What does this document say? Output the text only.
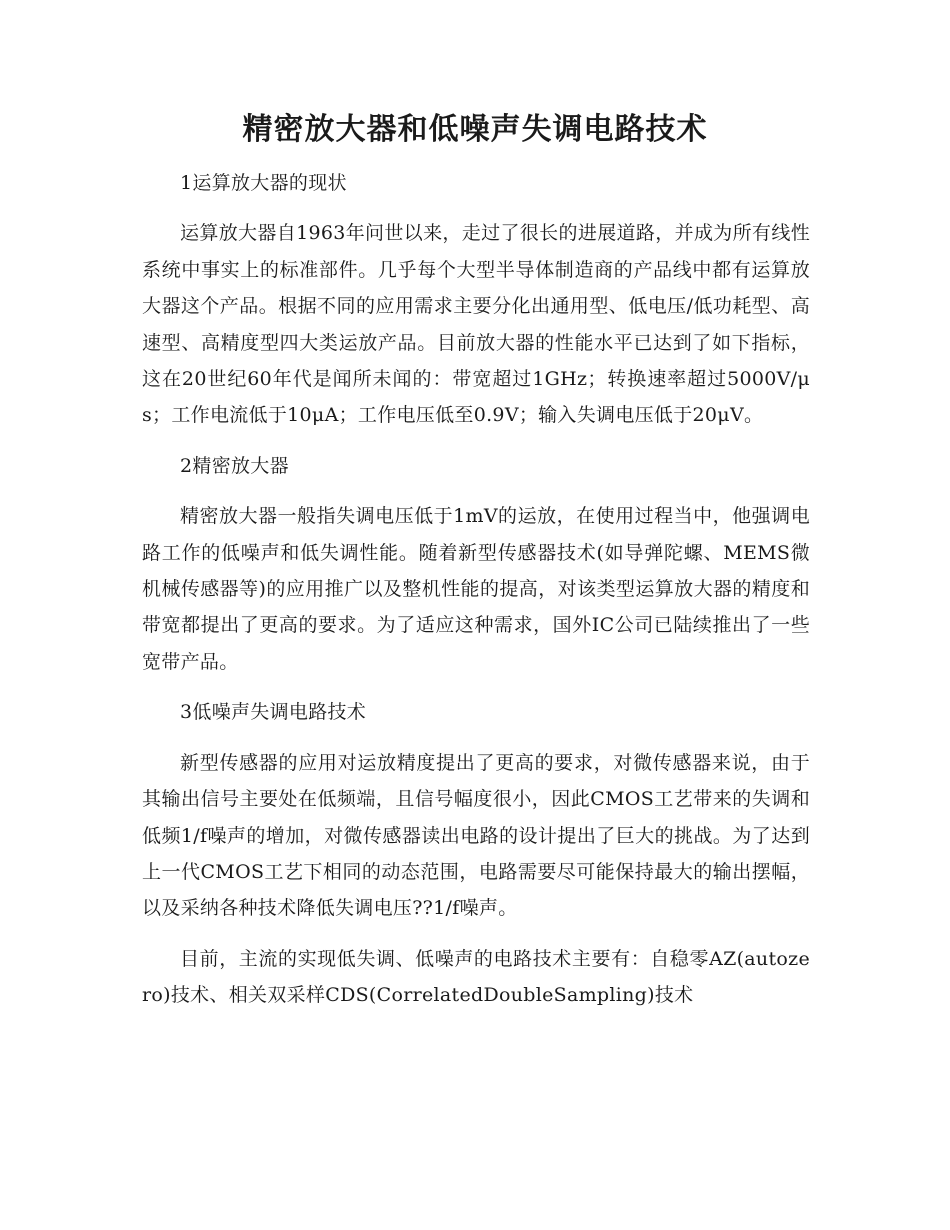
精密放大器和低噪声失调电路技术

1运算放大器的现状

运算放大器自1963年问世以来，走过了很长的进展道路，并成为所有线性系统中事实上的标准部件。几乎每个大型半导体制造商的产品线中都有运算放大器这个产品。根据不同的应用需求主要分化出通用型、低电压/低功耗型、高速型、高精度型四大类运放产品。目前放大器的性能水平已达到了如下指标，这在20世纪60年代是闻所未闻的：带宽超过1GHz；转换速率超过5000V/μs；工作电流低于10μA；工作电压低至0.9V；输入失调电压低于20μV。

2精密放大器

精密放大器一般指失调电压低于1mV的运放，在使用过程当中，他强调电路工作的低噪声和低失调性能。随着新型传感器技术(如导弹陀螺、MEMS微机械传感器等)的应用推广以及整机性能的提高，对该类型运算放大器的精度和带宽都提出了更高的要求。为了适应这种需求，国外IC公司已陆续推出了一些宽带产品。

3低噪声失调电路技术

新型传感器的应用对运放精度提出了更高的要求，对微传感器来说，由于其输出信号主要处在低频端，且信号幅度很小，因此CMOS工艺带来的失调和低频1/f噪声的增加，对微传感器读出电路的设计提出了巨大的挑战。为了达到上一代CMOS工艺下相同的动态范围，电路需要尽可能保持最大的输出摆幅，以及采纳各种技术降低失调电压??1/f噪声。

目前，主流的实现低失调、低噪声的电路技术主要有：自稳零AZ(autozero)技术、相关双采样CDS(CorrelatedDoubleSampling)技术
